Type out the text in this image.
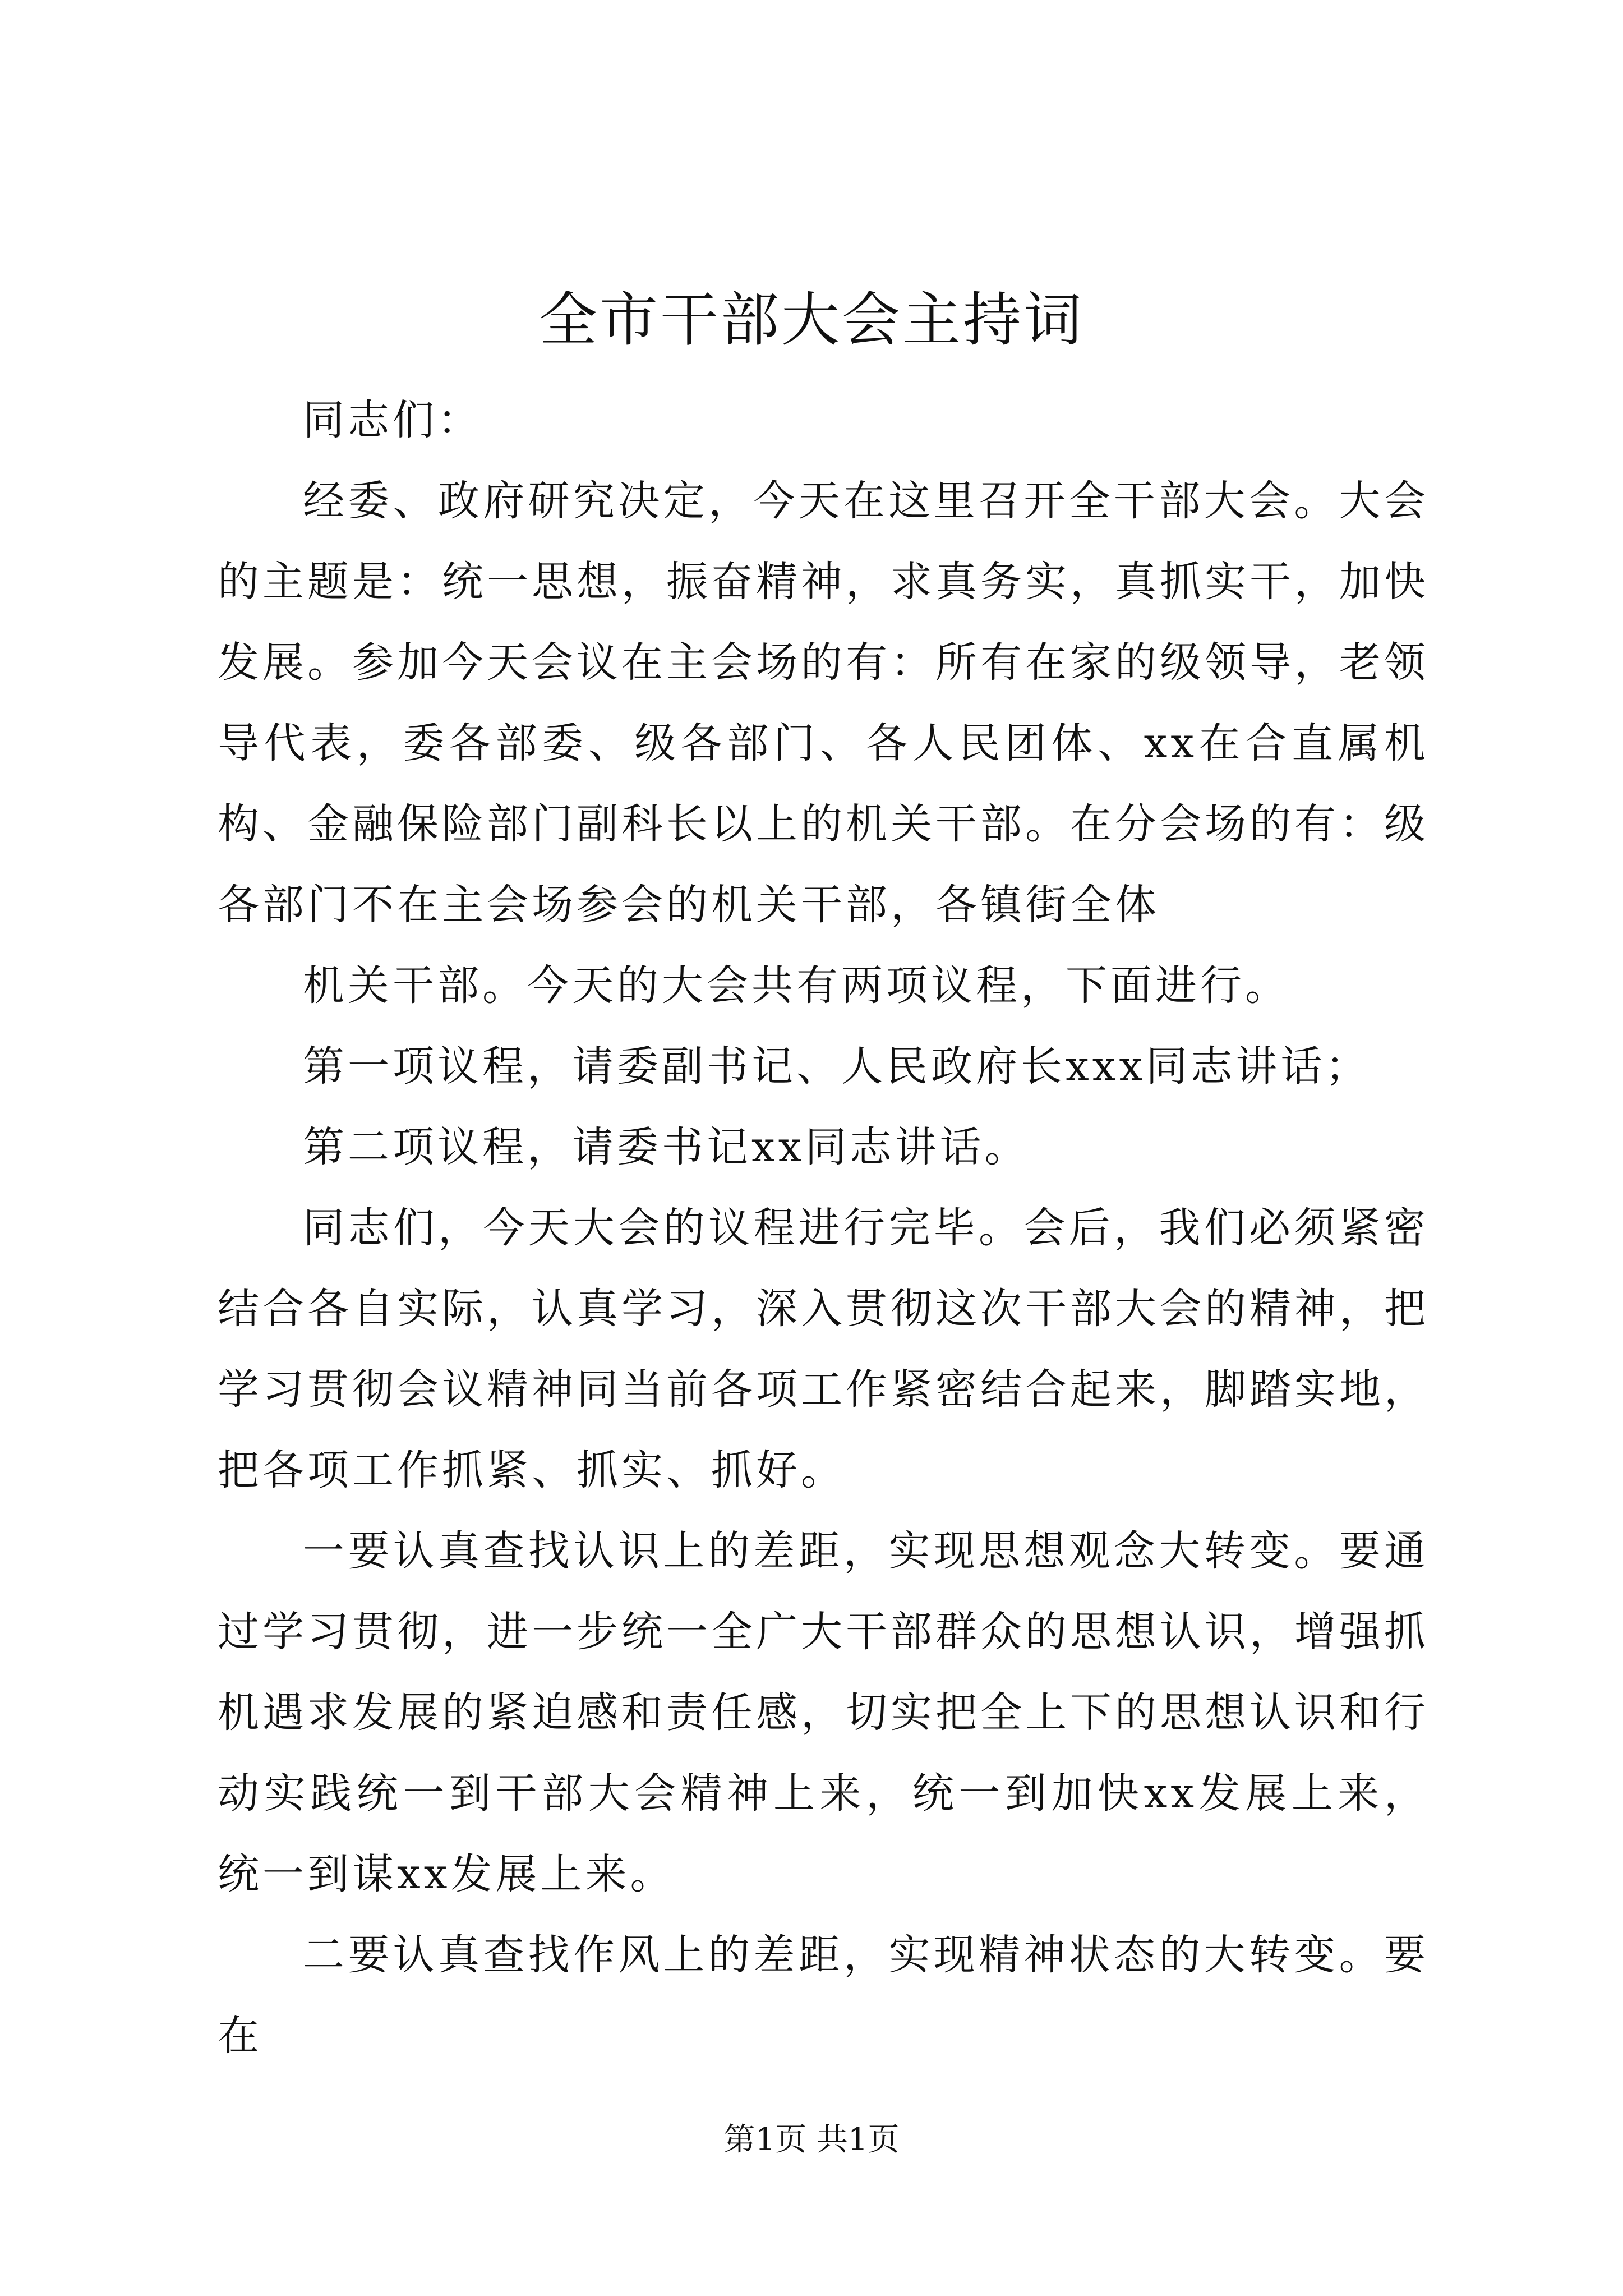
全市干部大会主持词

同志们：

经委、政府研究决定，今天在这里召开全干部大会。大会的主题是：统一思想，振奋精神，求真务实，真抓实干，加快发展。参加今天会议在主会场的有：所有在家的级领导，老领导代表，委各部委、级各部门、各人民团体、xx在合直属机构、金融保险部门副科长以上的机关干部。在分会场的有：级各部门不在主会场参会的机关干部，各镇街全体

机关干部。今天的大会共有两项议程，下面进行。

第一项议程，请委副书记、人民政府长xxx同志讲话；

第二项议程，请委书记xx同志讲话。

同志们，今天大会的议程进行完毕。会后，我们必须紧密结合各自实际，认真学习，深入贯彻这次干部大会的精神，把学习贯彻会议精神同当前各项工作紧密结合起来，脚踏实地，把各项工作抓紧、抓实、抓好。

一要认真查找认识上的差距，实现思想观念大转变。要通过学习贯彻，进一步统一全广大干部群众的思想认识，增强抓机遇求发展的紧迫感和责任感，切实把全上下的思想认识和行动实践统一到干部大会精神上来，统一到加快xx发展上来，统一到谋xx发展上来。

二要认真查找作风上的差距，实现精神状态的大转变。要在

第1页 共1页
